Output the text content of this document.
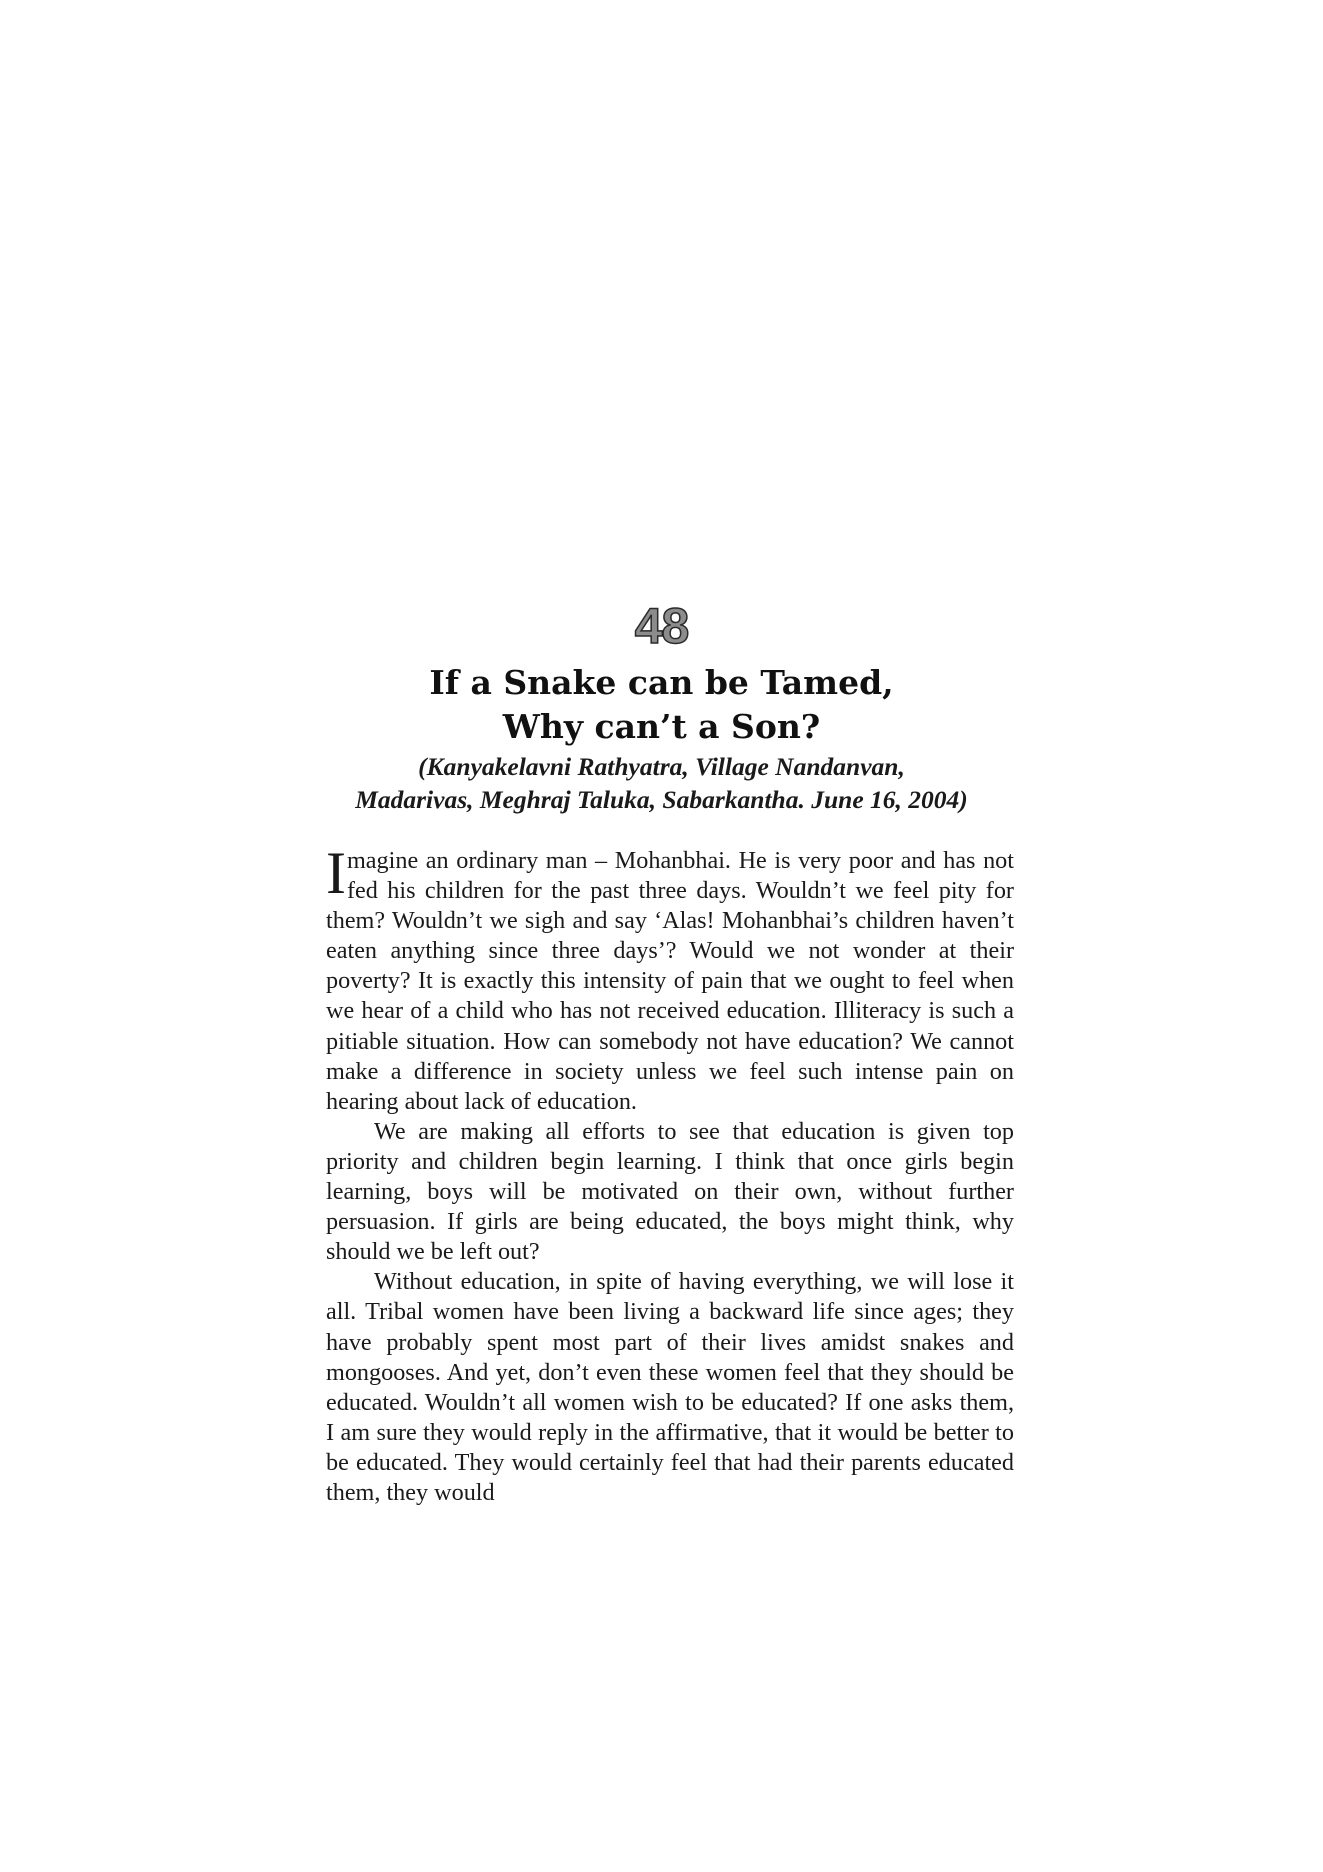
48
If a Snake can be Tamed,
Why can’t a Son?
(Kanyakelavni Rathyatra, Village Nandanvan,
Madarivas, Meghraj Taluka, Sabarkantha. June 16, 2004)

Imagine an ordinary man – Mohanbhai. He is very poor and has not fed his children for the past three days. Wouldn’t we feel pity for them? Wouldn’t we sigh and say ‘Alas! Mohanbhai’s children haven’t eaten anything since three days’? Would we not wonder at their poverty? It is exactly this intensity of pain that we ought to feel when we hear of a child who has not received education. Illiteracy is such a pitiable situation. How can somebody not have education? We cannot make a difference in society unless we feel such intense pain on hearing about lack of education.

We are making all efforts to see that education is given top priority and children begin learning. I think that once girls begin learning, boys will be motivated on their own, without further persuasion. If girls are being educated, the boys might think, why should we be left out?

Without education, in spite of having everything, we will lose it all. Tribal women have been living a backward life since ages; they have probably spent most part of their lives amidst snakes and mongooses. And yet, don’t even these women feel that they should be educated. Wouldn’t all women wish to be educated? If one asks them, I am sure they would reply in the affirmative, that it would be better to be educated. They would certainly feel that had their parents educated them, they would
